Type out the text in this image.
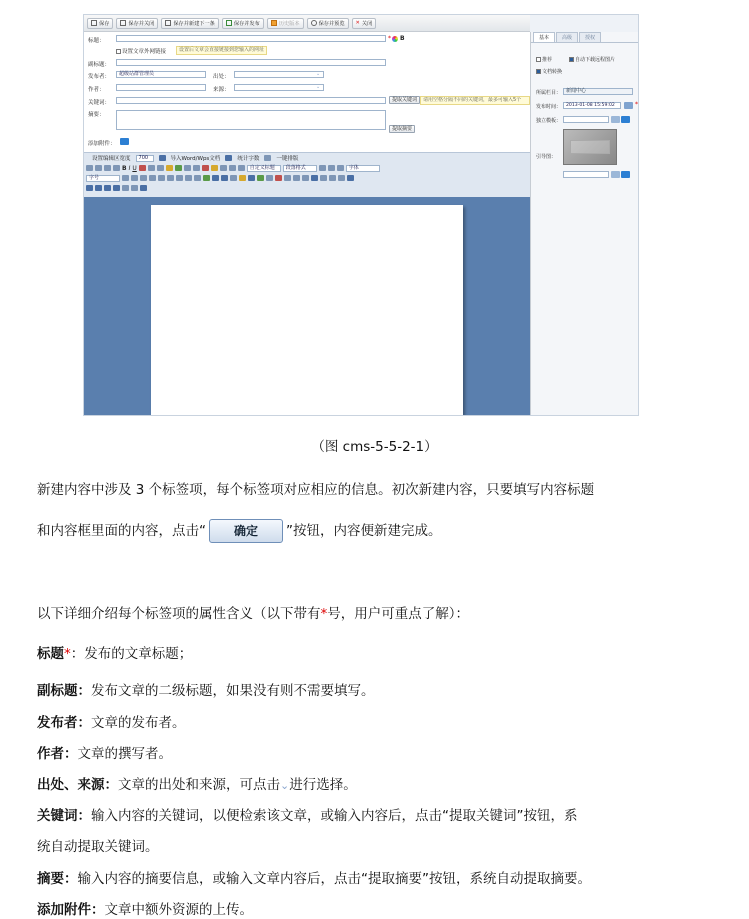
保存	保存并关闭	保存并新建下一条	保存并发布	历史版本	保存并预览 ✕ 关闭
标题：	* B
设置文章外网链接	设置后文章会直接链接到您输入的网址
副标题：
发布者：	超级站群管理员	出处：	⌄
作者：	来源：	⌄
关键词：	提取关键词	请用空格分隔不同的关键词，最多可输入5个
摘要：
提取摘要
添加附件：
设置编辑区宽度	700	导入Word/Wps文档	统计字数	一键排版
B I U	自定义标题	段落格式	字体
字号
基本	高级	授权
推荐	自动下载远程图片
文档转换
所属栏目： 新闻中心
发布时间：	2013-01-08 15:59:02	*
独立模板：
引导图：
（图 cms-5-5-2-1）
新建内容中涉及 3 个标签项，每个标签项对应相应的信息。初次新建内容，只要填写内容标题
和内容框里面的内容，点击“ 确定 ”按钮，内容便新建完成。
以下详细介绍每个标签项的属性含义（以下带有*号，用户可重点了解）：
标题*：发布的文章标题；
副标题：发布文章的二级标题，如果没有则不需要填写。
发布者：文章的发布者。
作者：文章的撰写者。
出处、来源：文章的出处和来源，可点击⌄进行选择。
关键词：输入内容的关键词，以便检索该文章，或输入内容后，点击“提取关键词”按钮，系
统自动提取关键词。
摘要：输入内容的摘要信息，或输入文章内容后，点击“提取摘要”按钮，系统自动提取摘要。
添加附件：文章中额外资源的上传。
